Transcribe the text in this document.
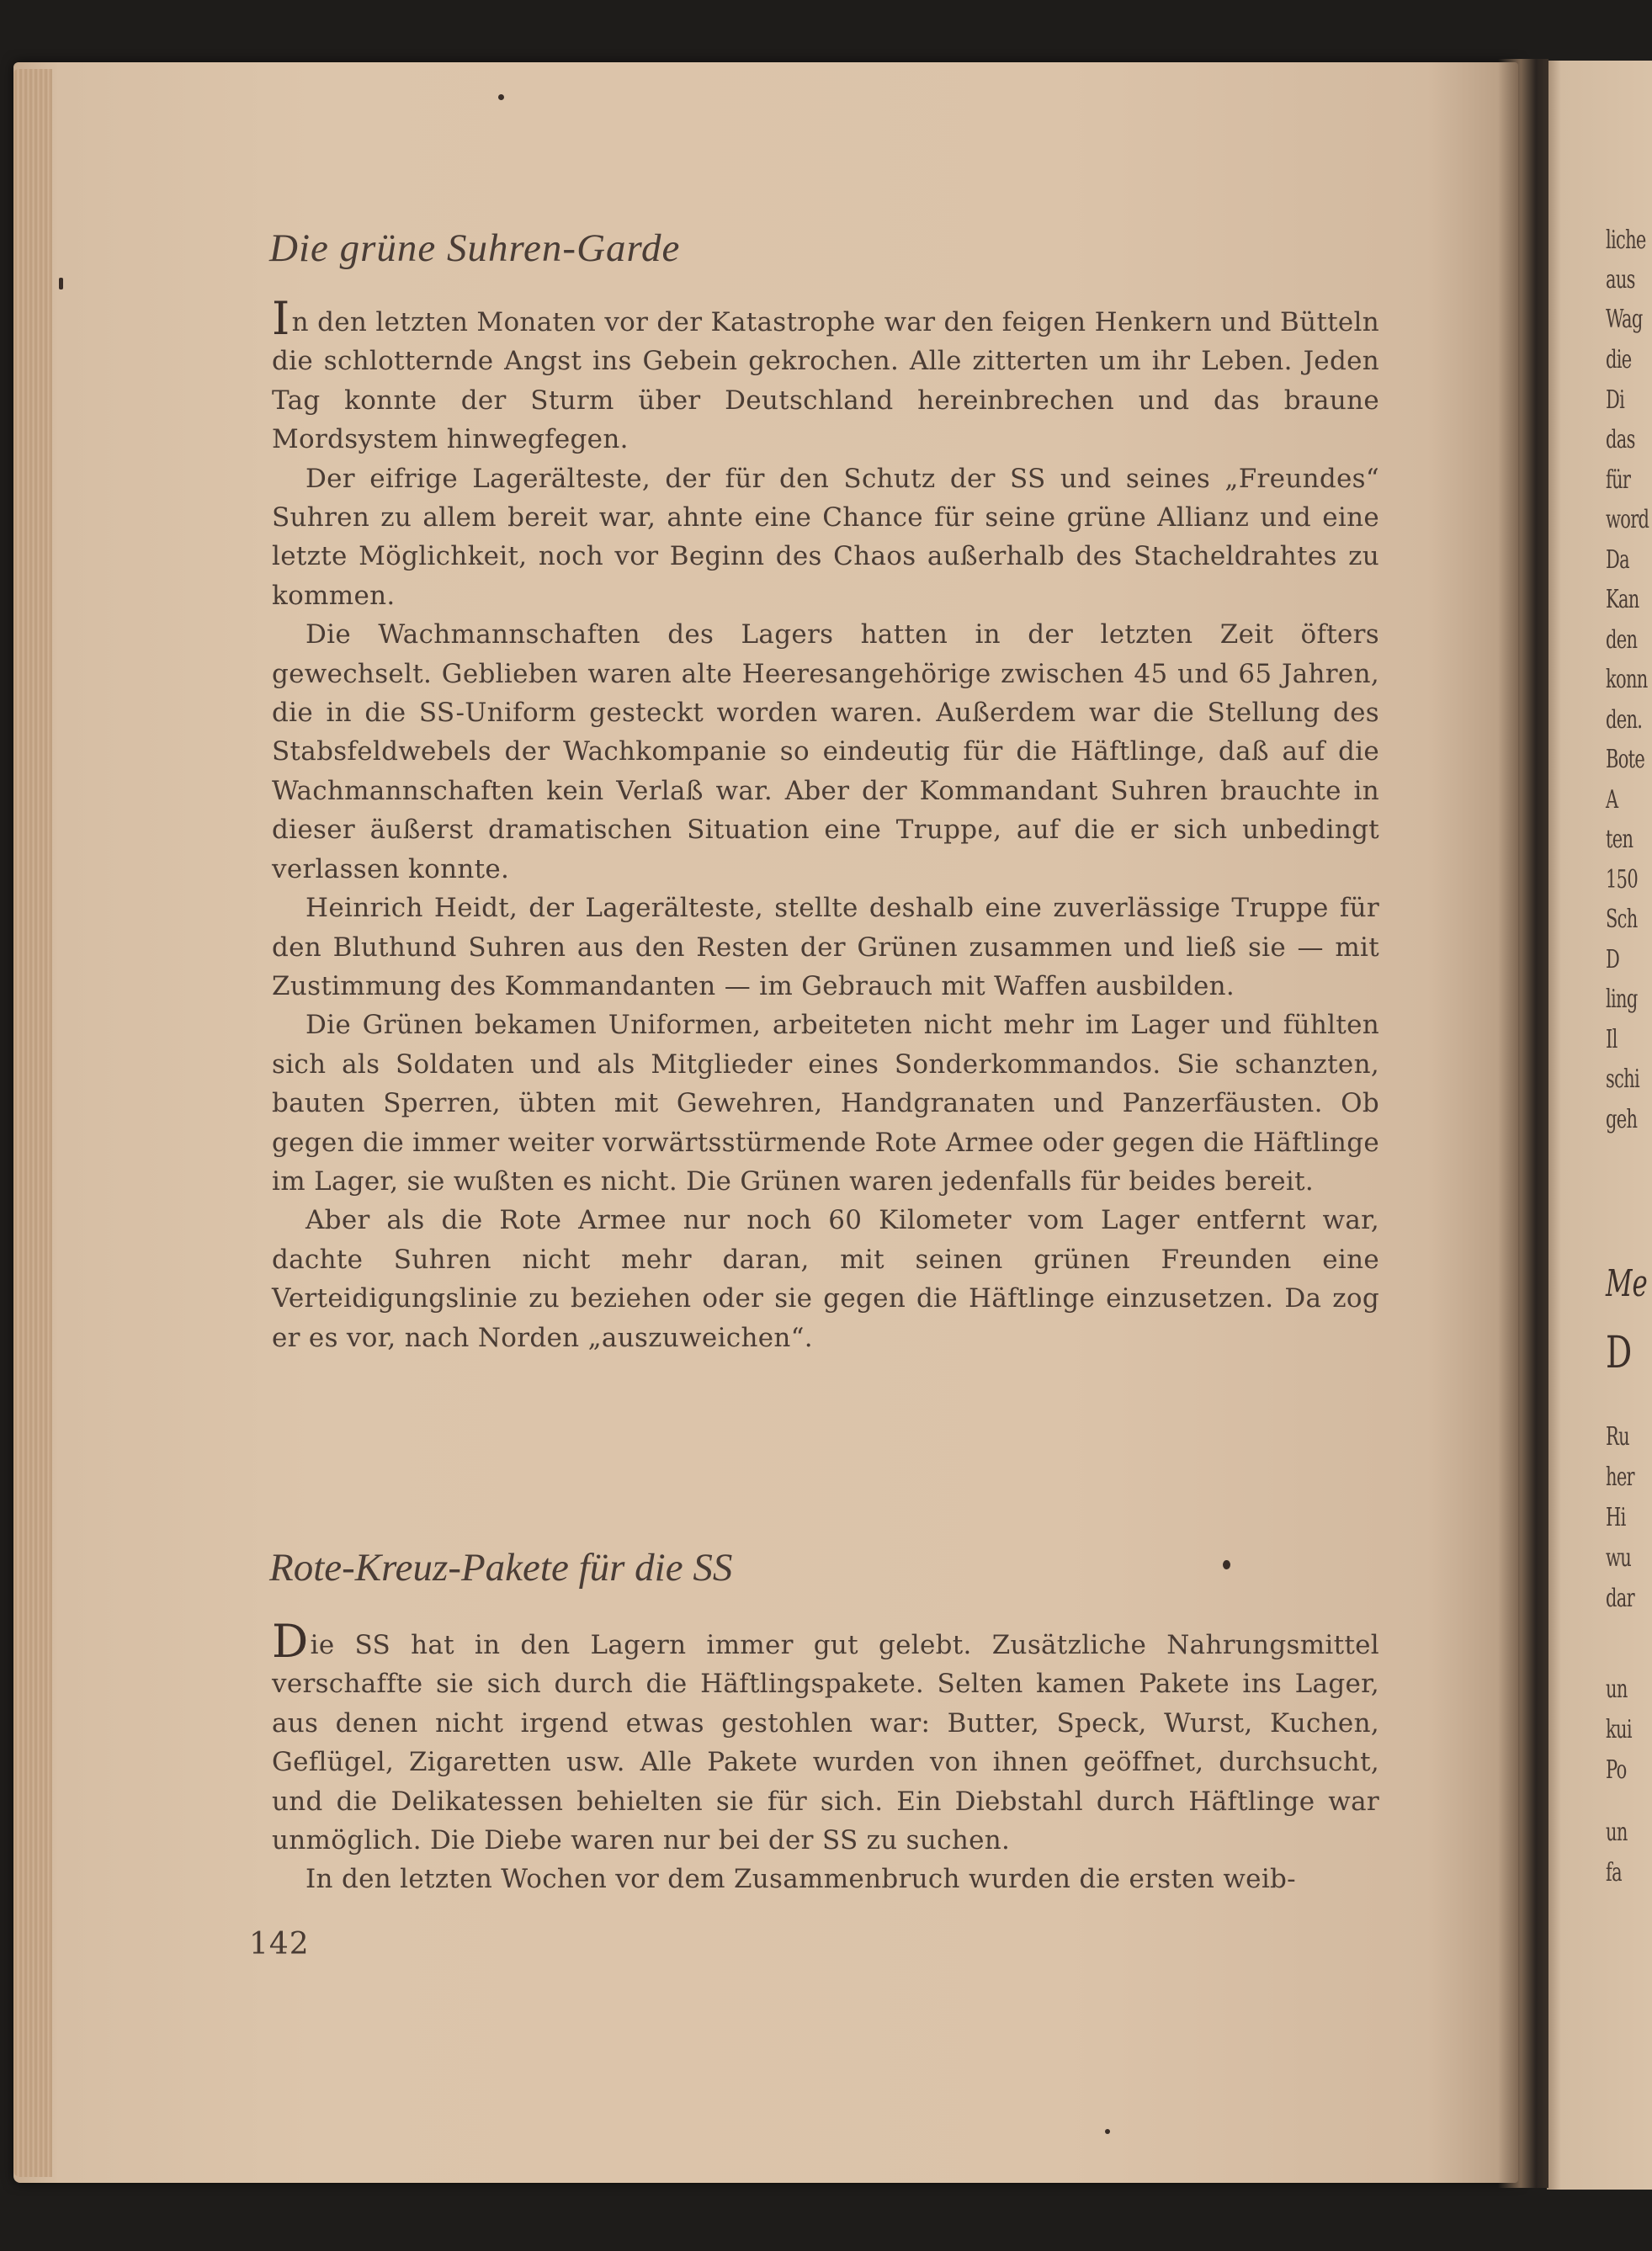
Die grüne Suhren-Garde

In den letzten Monaten vor der Katastrophe war den feigen Henkern und Bütteln die schlotternde Angst ins Gebein gekrochen. Alle zitterten um ihr Leben. Jeden Tag konnte der Sturm über Deutschland hereinbrechen und das braune Mordsystem hinwegfegen.

Der eifrige Lagerälteste, der für den Schutz der SS und seines „Freundes“ Suhren zu allem bereit war, ahnte eine Chance für seine grüne Allianz und eine letzte Möglichkeit, noch vor Beginn des Chaos außerhalb des Stacheldrahtes zu kommen.

Die Wachmannschaften des Lagers hatten in der letzten Zeit öfters gewechselt. Geblieben waren alte Heeresangehörige zwischen 45 und 65 Jahren, die in die SS-Uniform gesteckt worden waren. Außerdem war die Stellung des Stabsfeldwebels der Wachkompanie so eindeutig für die Häftlinge, daß auf die Wachmannschaften kein Verlaß war. Aber der Kommandant Suhren brauchte in dieser äußerst dramatischen Situation eine Truppe, auf die er sich unbedingt verlassen konnte.

Heinrich Heidt, der Lagerälteste, stellte deshalb eine zuverlässige Truppe für den Bluthund Suhren aus den Resten der Grünen zusammen und ließ sie — mit Zustimmung des Kommandanten — im Gebrauch mit Waffen ausbilden.

Die Grünen bekamen Uniformen, arbeiteten nicht mehr im Lager und fühlten sich als Soldaten und als Mitglieder eines Sonderkommandos. Sie schanzten, bauten Sperren, übten mit Gewehren, Handgranaten und Panzerfäusten. Ob gegen die immer weiter vorwärtsstürmende Rote Armee oder gegen die Häftlinge im Lager, sie wußten es nicht. Die Grünen waren jedenfalls für beides bereit.

Aber als die Rote Armee nur noch 60 Kilometer vom Lager entfernt war, dachte Suhren nicht mehr daran, mit seinen grünen Freunden eine Verteidigungslinie zu beziehen oder sie gegen die Häftlinge einzusetzen. Da zog er es vor, nach Norden „auszuweichen“.

Rote-Kreuz-Pakete für die SS

Die SS hat in den Lagern immer gut gelebt. Zusätzliche Nahrungsmittel verschaffte sie sich durch die Häftlingspakete. Selten kamen Pakete ins Lager, aus denen nicht irgend etwas gestohlen war: Butter, Speck, Wurst, Kuchen, Geflügel, Zigaretten usw. Alle Pakete wurden von ihnen geöffnet, durchsucht, und die Delikatessen behielten sie für sich. Ein Diebstahl durch Häftlinge war unmöglich. Die Diebe waren nur bei der SS zu suchen.

In den letzten Wochen vor dem Zusammenbruch wurden die ersten weib-

142
liche
aus
Wag
die
Di
das
für
word
Da
Kan
den
konn
den.
Bote
A
ten
150
Sch
D
ling
Il
schi
geh
Ru
her
Hi
wu
dar
un
kui
Po
un
fa
Me
D
